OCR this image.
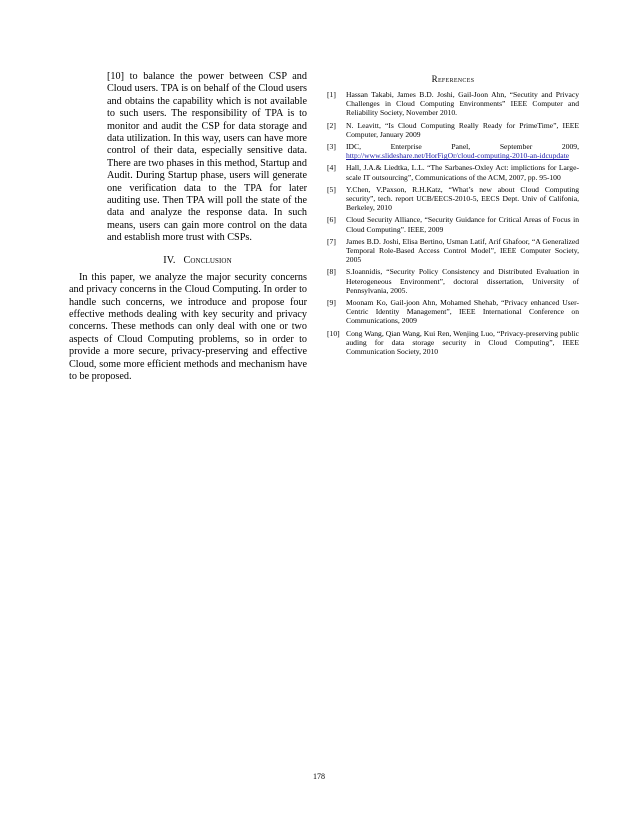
[10] to balance the power between CSP and Cloud users. TPA is on behalf of the Cloud users and obtains the capability which is not available to such users. The responsibility of TPA is to monitor and audit the CSP for data storage and data utilization. In this way, users can have more control of their data, especially sensitive data. There are two phases in this method, Startup and Audit. During Startup phase, users will generate one verification data to the TPA for later auditing use. Then TPA will poll the state of the data and analyze the response data. In such means, users can gain more control on the data and establish more trust with CSPs.

IV. Conclusion

In this paper, we analyze the major security concerns and privacy concerns in the Cloud Computing. In order to handle such concerns, we introduce and propose four effective methods dealing with key security and privacy concerns. These methods can only deal with one or two aspects of Cloud Computing problems, so in order to provide a more secure, privacy-preserving and effective Cloud, some more efficient methods and mechanism have to be proposed.

References
[1] Hassan Takabi, James B.D. Joshi, Gail-Joon Ahn, “Secutity and Privacy Challenges in Cloud Computing Environments” IEEE Computer and Reliability Society, November 2010.
[2] N. Leavitt, “Is Cloud Computing Really Ready for PrimeTime”, IEEE Computer, January 2009
[3] IDC, Enterprise Panel, September 2009, http://www.slideshare.net/HorFigOr/cloud-computing-2010-an-idcupdate
[4] Hall, J.A.& Liedtka, L.L. “The Sarbanes-Oxley Act: implictions for Large-scale IT outsourcing”, Communications of the ACM, 2007, pp. 95-100
[5] Y.Chen, V.Paxson, R.H.Katz, “What’s new about Cloud Computing security”, tech. report UCB/EECS-2010-5, EECS Dept. Univ of Califonia, Berkeley, 2010
[6] Cloud Security Alliance, “Security Guidance for Critical Areas of Focus in Cloud Computing”. IEEE, 2009
[7] James B.D. Joshi, Elisa Bertino, Usman Latif, Arif Ghafoor, “A Generalized Temporal Role-Based Access Control Model”, IEEE Computer Society, 2005
[8] S.Ioannidis, “Security Policy Consistency and Distributed Evaluation in Heterogeneous Environment”, doctoral dissertation, University of Pennsylvania, 2005.
[9] Moonam Ko, Gail-joon Ahn, Mohamed Shehab, “Privacy enhanced User-Centric Identity Management”, IEEE International Conference on Communications, 2009
[10] Cong Wang, Qian Wang, Kui Ren, Wenjing Luo, “Privacy-preserving public auding for data storage security in Cloud Computing”, IEEE Communication Society, 2010
178
